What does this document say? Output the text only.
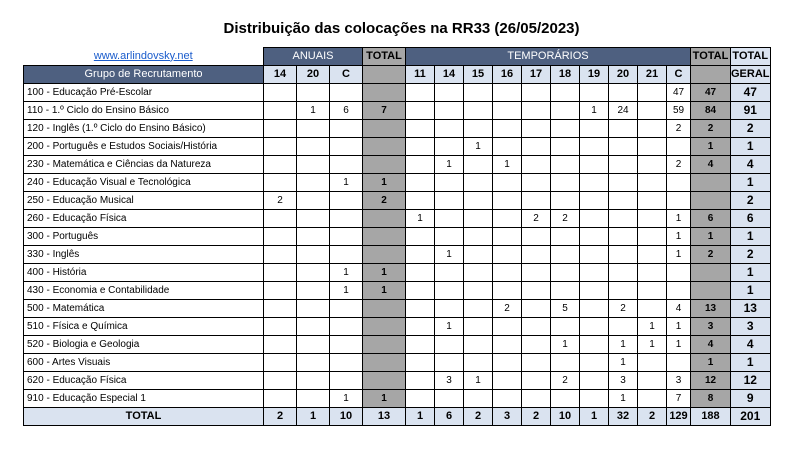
Distribuição das colocações na RR33 (26/05/2023)
www.arlindovsky.net	ANUAIS			TOTAL	TEMPORÁRIOS										TOTAL	TOTAL
Grupo de Recrutamento	14	20	C		11	14	15	16	17	18	19	20	21	C		GERAL
100 - Educação Pré-Escolar														47	47	47
110 - 1.º Ciclo do Ensino Básico		1	6	7							1	24		59	84	91
120 - Inglês (1.º Ciclo do Ensino Básico)														2	2	2
200 - Português e Estudos Sociais/História							1								1	1
230 - Matemática e Ciências da Natureza						1		1						2	4	4
240 - Educação Visual e Tecnológica			1	1												1
250 - Educação Musical	2			2												2
260 - Educação Física					1				2	2				1	6	6
300 - Português														1	1	1
330 - Inglês						1								1	2	2
400 - História			1	1												1
430 - Economia e Contabilidade			1	1												1
500 - Matemática								2		5		2		4	13	13
510 - Física e Química						1							1	1	3	3
520 - Biologia e Geologia										1		1	1	1	4	4
600 - Artes Visuais												1			1	1
620 - Educação Física						3	1			2		3		3	12	12
910 - Educação Especial 1			1	1								1		7	8	9
TOTAL	2	1	10	13	1	6	2	3	2	10	1	32	2	129	188	201
